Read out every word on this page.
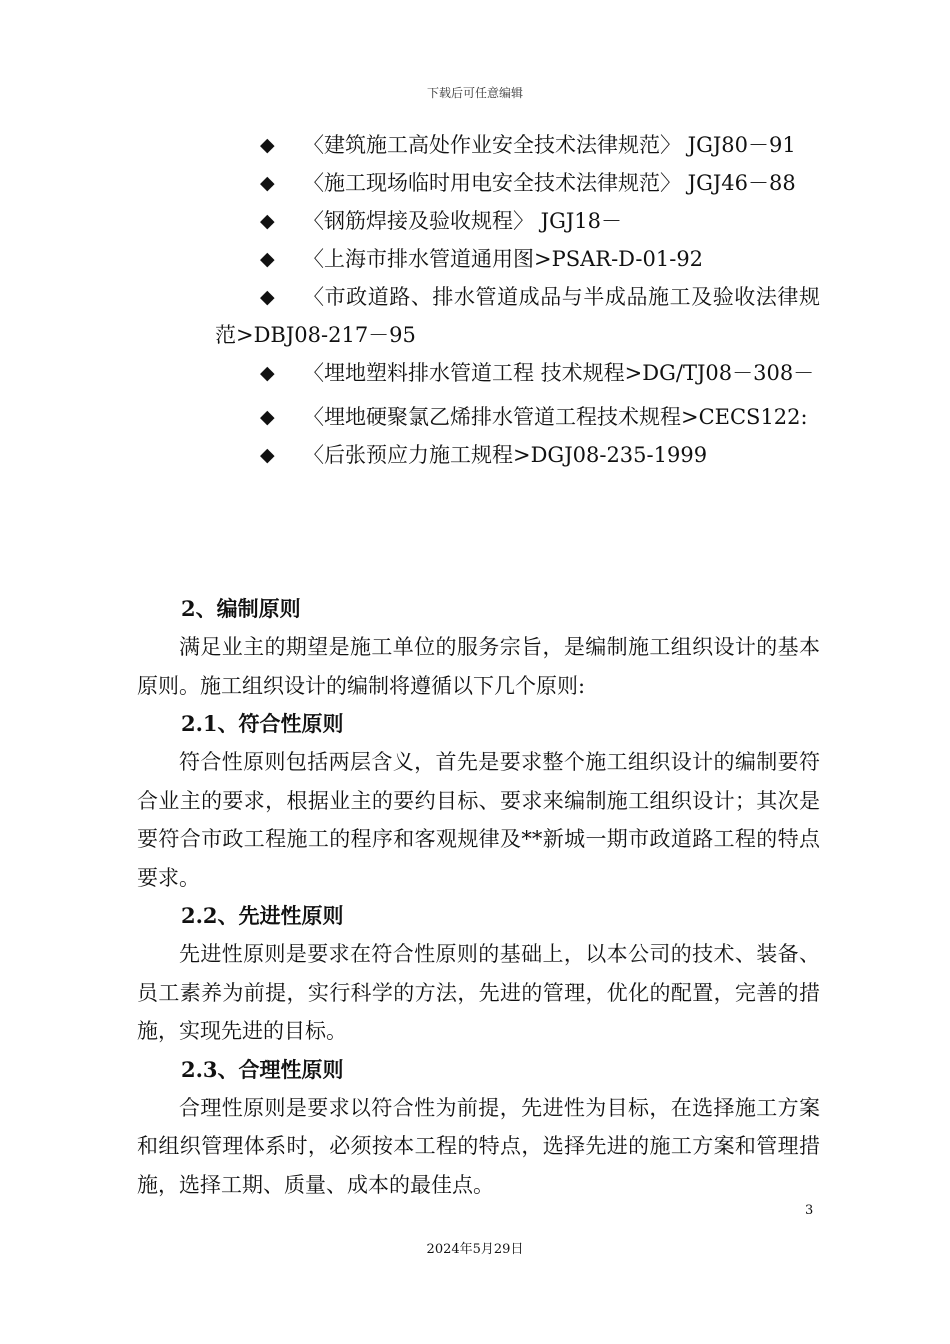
下载后可任意编辑
◆ 〈建筑施工高处作业安全技术法律规范〉 JGJ80－91
◆ 〈施工现场临时用电安全技术法律规范〉 JGJ46－88
◆ 〈钢筋焊接及验收规程〉 JGJ18－
◆ 〈上海市排水管道通用图>PSAR-D-01-92
◆ 〈市政道路、排水管道成品与半成品施工及验收法律规范>DBJ08-217－95
◆ 〈埋地塑料排水管道工程 技术规程>DG/TJ08－308－
◆ 〈埋地硬聚氯乙烯排水管道工程技术规程>CECS122:
◆ 〈后张预应力施工规程>DGJ08-235-1999

2、编制原则

满足业主的期望是施工单位的服务宗旨，是编制施工组织设计的基本原则。施工组织设计的编制将遵循以下几个原则:

2.1、符合性原则

符合性原则包括两层含义，首先是要求整个施工组织设计的编制要符合业主的要求，根据业主的要约目标、要求来编制施工组织设计；其次是要符合市政工程施工的程序和客观规律及**新城一期市政道路工程的特点要求。

2.2、先进性原则

先进性原则是要求在符合性原则的基础上，以本公司的技术、装备、员工素养为前提，实行科学的方法，先进的管理，优化的配置，完善的措施，实现先进的目标。

2.3、合理性原则

合理性原则是要求以符合性为前提，先进性为目标，在选择施工方案和组织管理体系时，必须按本工程的特点，选择先进的施工方案和管理措施，选择工期、质量、成本的最佳点。

3
2024年5月29日
